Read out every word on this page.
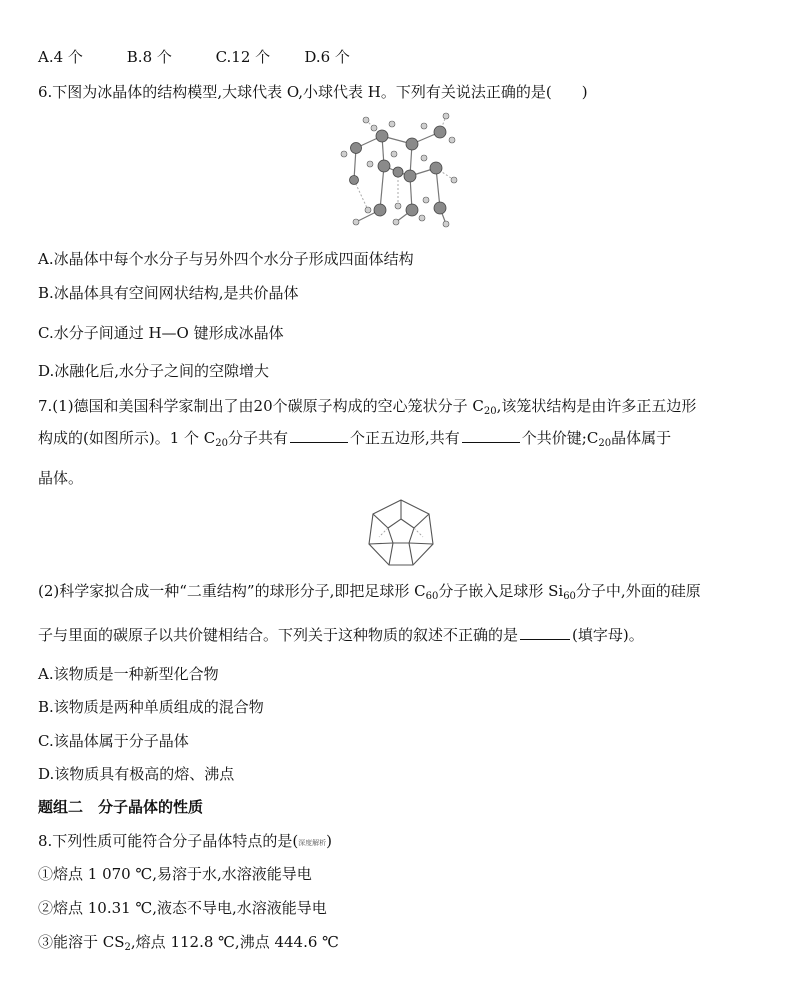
A.4 个	B.8 个	C.12 个 D.6 个
6.下图为冰晶体的结构模型,大球代表 O,小球代表 H。下列有关说法正确的是(　　)
A.冰晶体中每个水分子与另外四个水分子形成四面体结构
B.冰晶体具有空间网状结构,是共价晶体
C.水分子间通过 H—O 键形成冰晶体
D.冰融化后,水分子之间的空隙增大
7.(1)德国和美国科学家制出了由20个碳原子构成的空心笼状分子 $C_{20}$,该笼状结构是由许多正五边形
构成的(如图所示)。1 个 $C_{20}$分子共有	个正五边形,共有	个共价键$;C_{20}$晶体属于
晶体。
(2)科学家拟合成一种“二重结构”的球形分子,即把足球形 $C_{60}$分子嵌入足球形 $Si_{60}$分子中,外面的硅原
子与里面的碳原子以共价键相结合。下列关于这种物质的叙述不正确的是	(填字母)。
A.该物质是一种新型化合物
B.该物质是两种单质组成的混合物
C.该晶体属于分子晶体
D.该物质具有极高的熔、沸点
题组二　分子晶体的性质
8.下列性质可能符合分子晶体特点的是(深度解析)
①熔点 1 070 ℃,易溶于水,水溶液能导电
②熔点 10.31 ℃,液态不导电,水溶液能导电
③能溶于 $CS_2$,熔点 112.8 ℃,沸点 444.6 ℃
